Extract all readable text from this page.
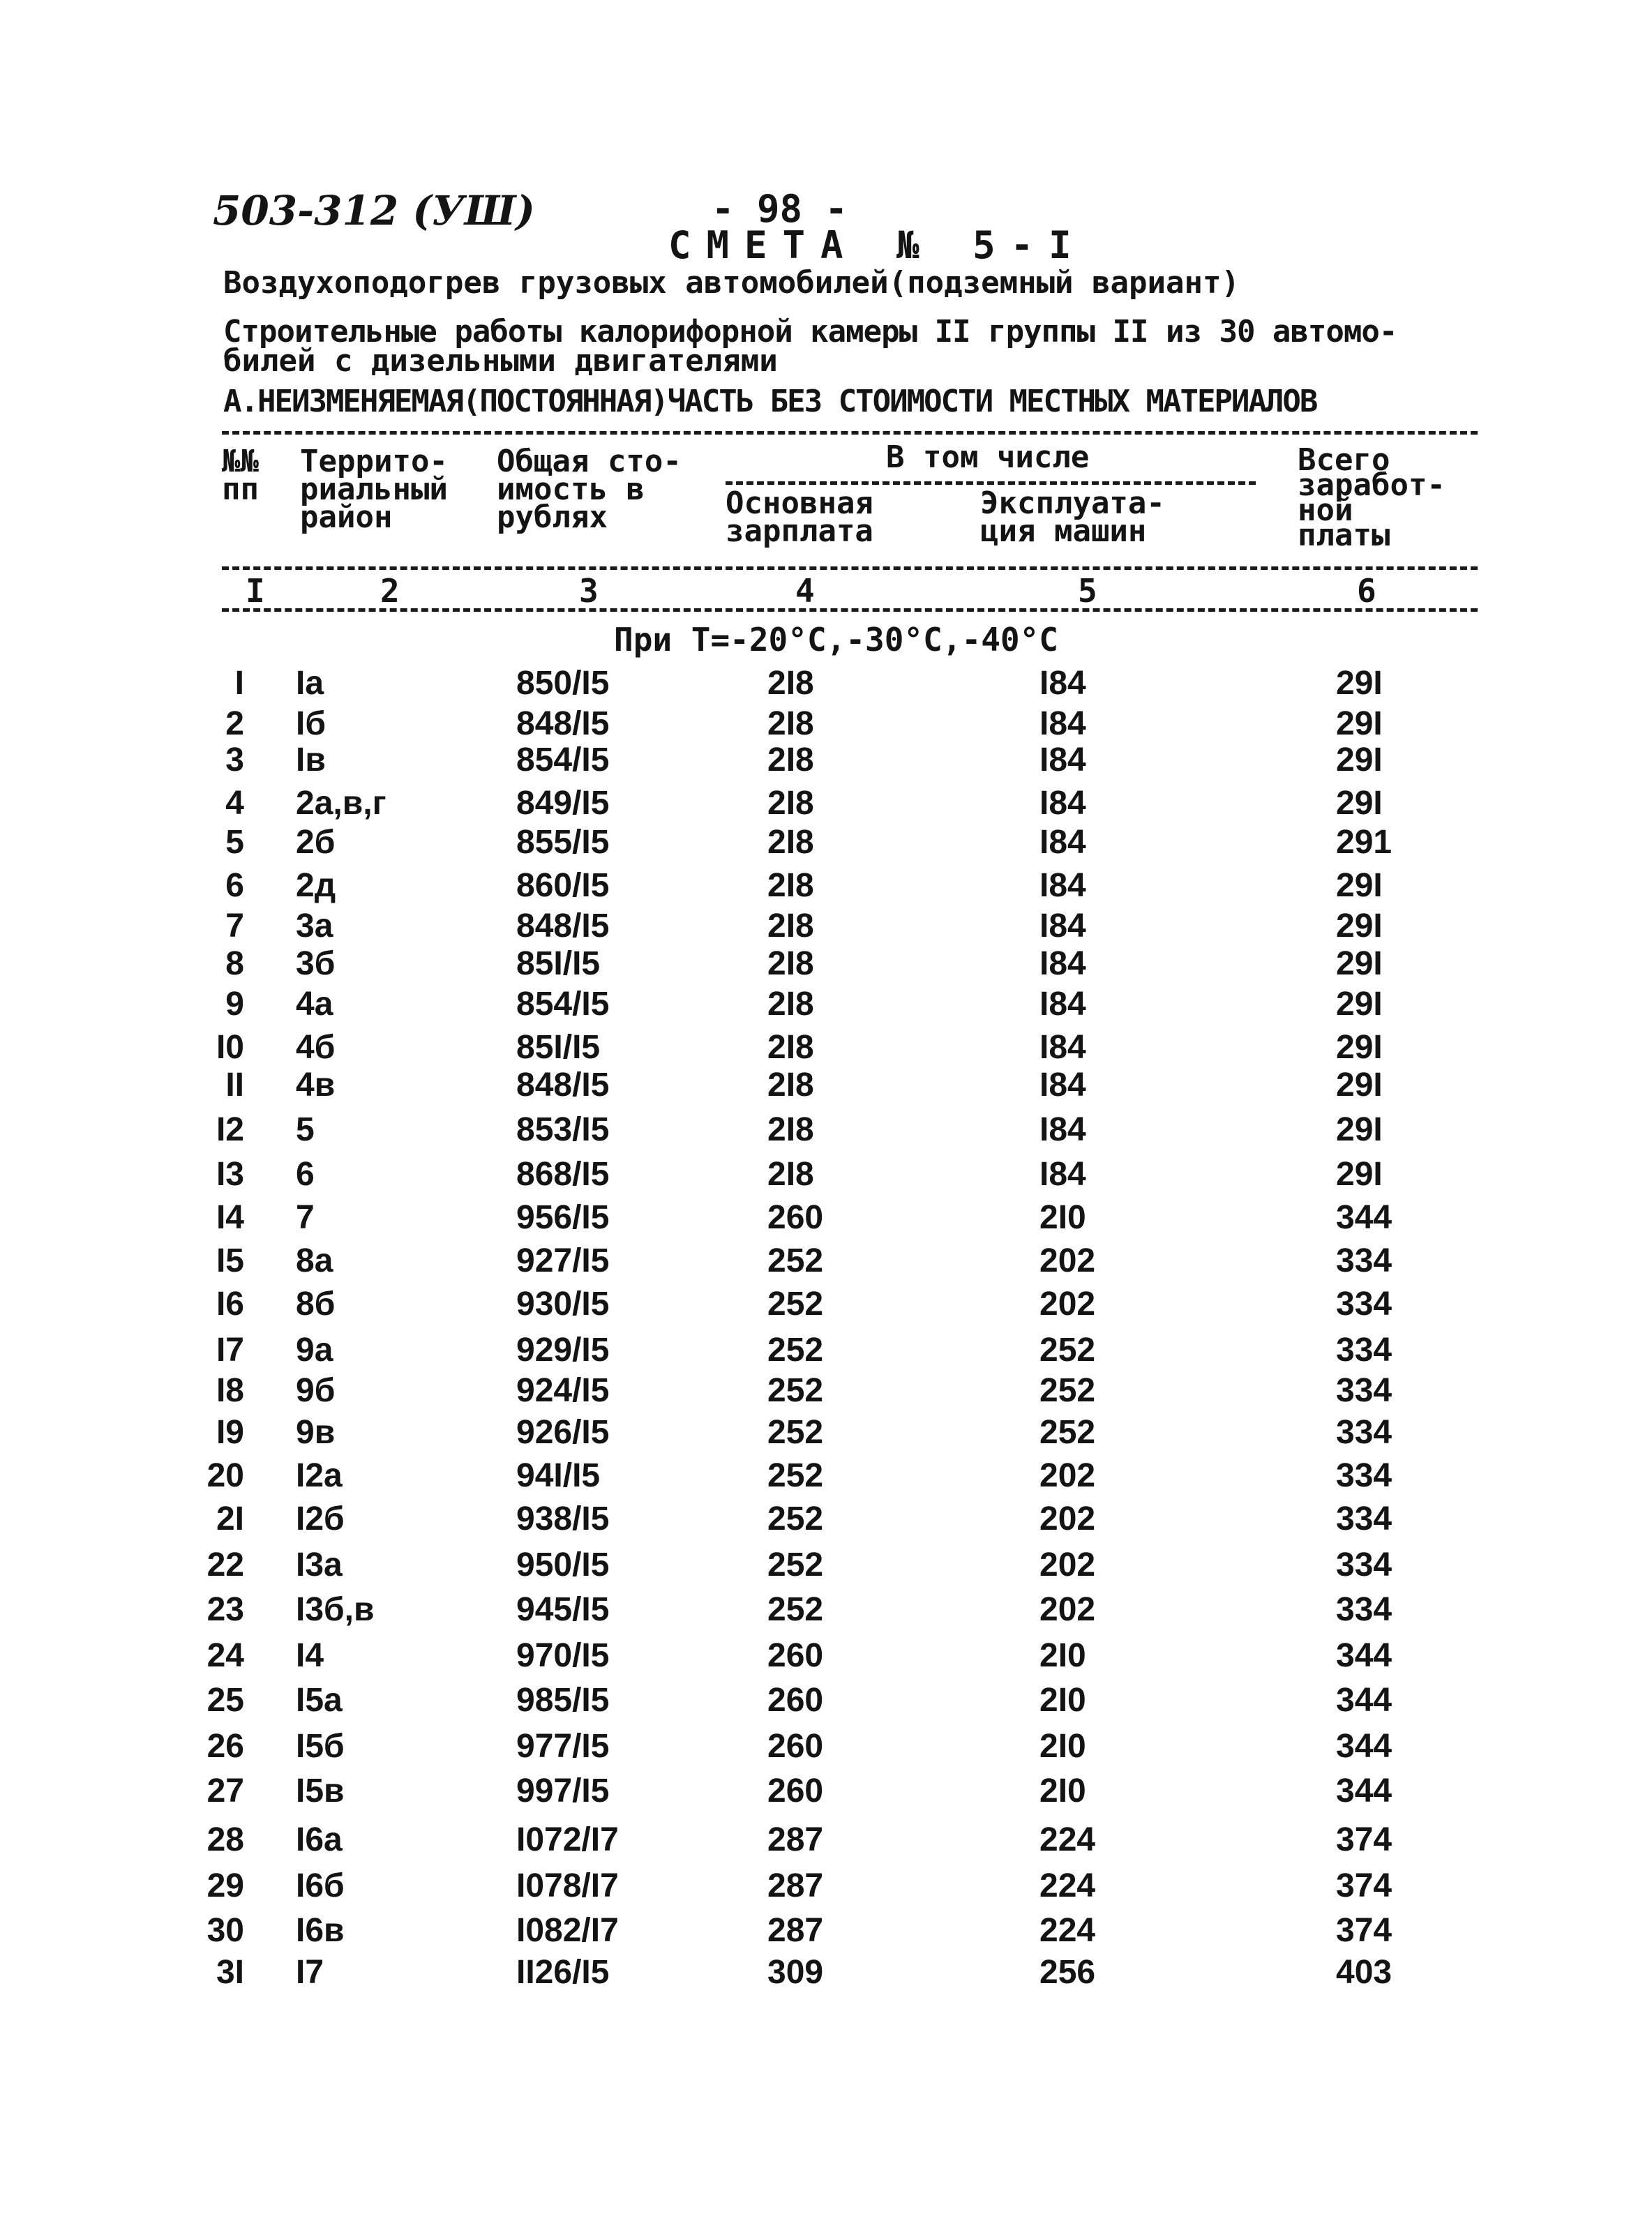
503-312 (УШ)	- 98 -
СМЕТА № 5-I
Воздухоподогрев грузовых автомобилей(подземный вариант)
Строительные работы калорифорной камеры II группы II из 30 автомо-
билей с дизельными двигателями
А.НЕИЗМЕНЯЕМАЯ(ПОСТОЯННАЯ)ЧАСТЬ БЕЗ СТОИМОСТИ МЕСТНЫХ МАТЕРИАЛОВ
№№
пп
Террито-
риальный
район
Общая сто-
имость в
рублях
В том числе
Основная
зарплата
Эксплуата-
ция машин
Всего
заработ-
ной
платы
I	2	3	4	5	6
При Т=-20°С,-30°С,-40°С
I Iа	850/I5	2I8	I84	29I
2 Iб	848/I5	2I8	I84	29I
3 Iв	854/I5	2I8	I84	29I
4 2а,в,г	849/I5	2I8	I84	29I
5 2б	855/I5	2I8	I84	291
6 2д	860/I5	2I8	I84	29I
7 3а	848/I5	2I8	I84	29I
8 3б	85I/I5	2I8	I84	29I
9 4а	854/I5	2I8	I84	29I
I0 4б	85I/I5	2I8	I84	29I
II 4в	848/I5	2I8	I84	29I
I2 5	853/I5	2I8	I84	29I
I3 6	868/I5	2I8	I84	29I
I4 7	956/I5	260	2I0	344
I5 8а	927/I5	252	202	334
I6 8б	930/I5	252	202	334
I7 9а	929/I5	252	252	334
I8 9б	924/I5	252	252	334
I9 9в	926/I5	252	252	334
20 I2а	94I/I5	252	202	334
2I I2б	938/I5	252	202	334
22 I3а	950/I5	252	202	334
23 I3б,в	945/I5	252	202	334
24 I4	970/I5	260	2I0	344
25 I5а	985/I5	260	2I0	344
26 I5б	977/I5	260	2I0	344
27 I5в	997/I5	260	2I0	344
28 I6а	I072/I7	287	224	374
29 I6б	I078/I7	287	224	374
30 I6в	I082/I7	287	224	374
3I I7	II26/I5	309	256	403
